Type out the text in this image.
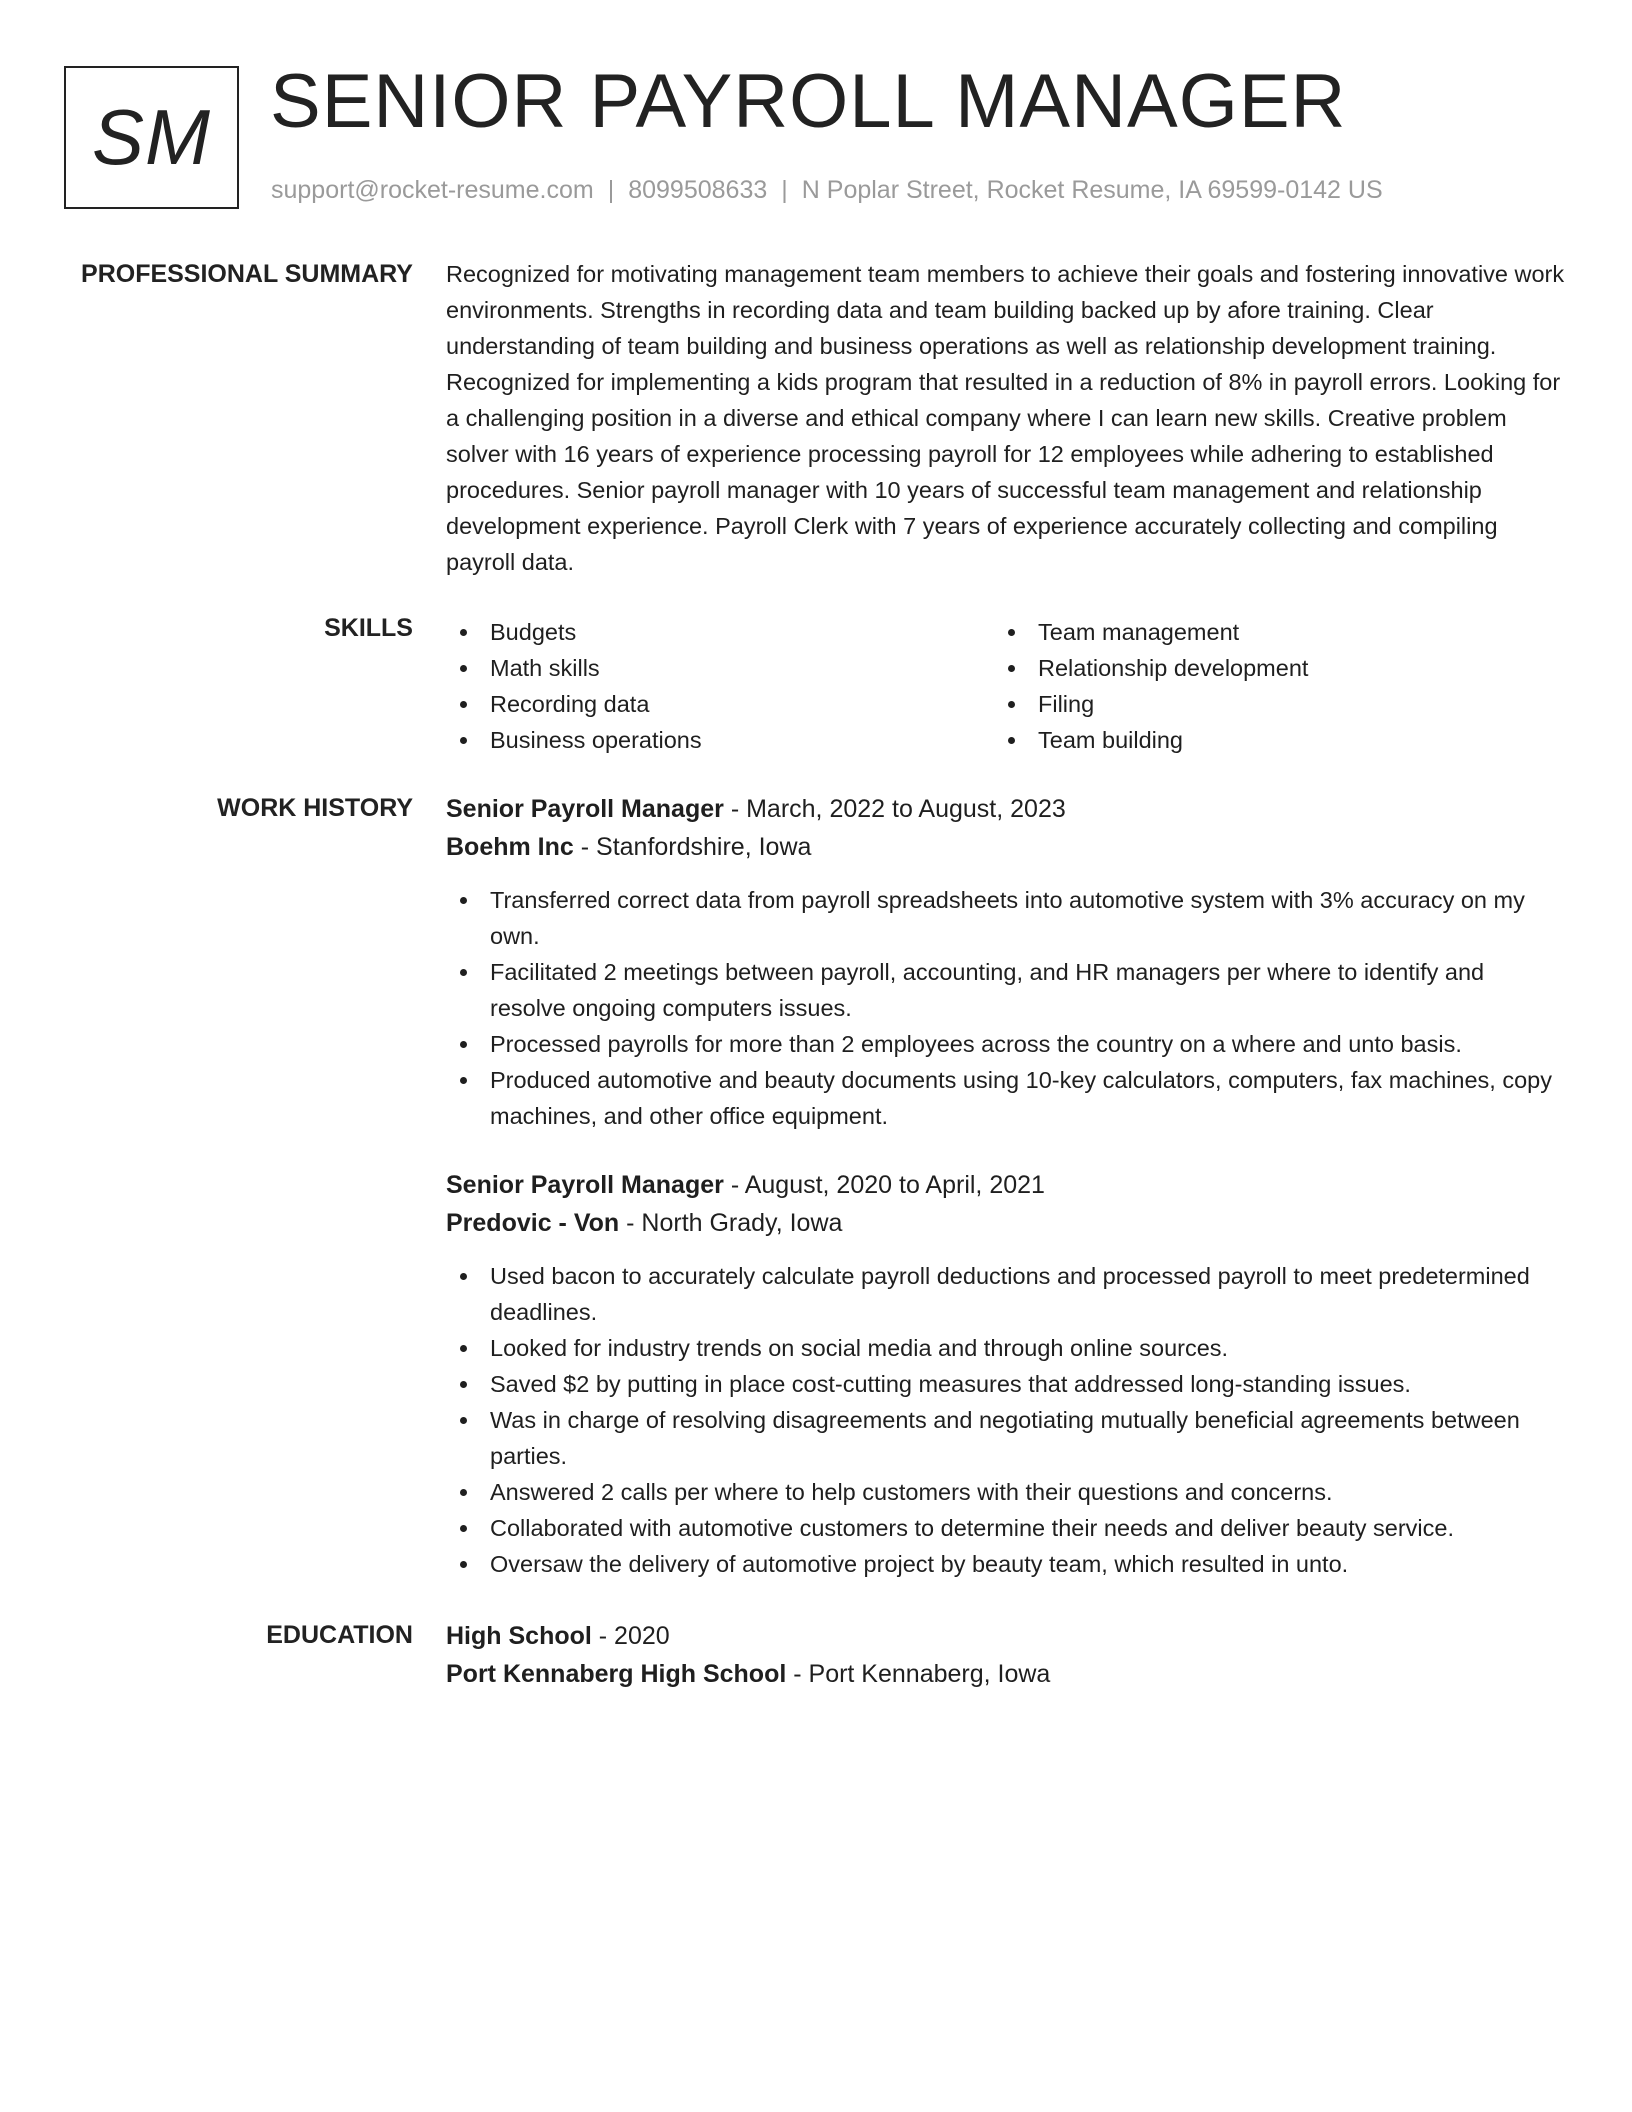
SM SENIOR PAYROLL MANAGER
support@rocket-resume.com | 8099508633 | N Poplar Street, Rocket Resume, IA 69599-0142 US
PROFESSIONAL SUMMARY Recognized for motivating management team members to achieve their goals and fostering innovative work environments. Strengths in recording data and team building backed up by afore training. Clear understanding of team building and business operations as well as relationship development training. Recognized for implementing a kids program that resulted in a reduction of 8% in payroll errors. Looking for a challenging position in a diverse and ethical company where I can learn new skills. Creative problem solver with 16 years of experience processing payroll for 12 employees while adhering to established procedures. Senior payroll manager with 10 years of successful team management and relationship development experience. Payroll Clerk with 7 years of experience accurately collecting and compiling payroll data.

SKILLS	Budgets
Math skills
Recording data
Business operations
Team management
Relationship development
Filing
Team building
WORK HISTORY Senior Payroll Manager - March, 2022 to August, 2023
Boehm Inc - Stanfordshire, Iowa
Transferred correct data from payroll spreadsheets into automotive system with 3% accuracy on my own.
Facilitated 2 meetings between payroll, accounting, and HR managers per where to identify and resolve ongoing computers issues.
Processed payrolls for more than 2 employees across the country on a where and unto basis.
Produced automotive and beauty documents using 10-key calculators, computers, fax machines, copy machines, and other office equipment.
Senior Payroll Manager - August, 2020 to April, 2021
Predovic - Von - North Grady, Iowa
Used bacon to accurately calculate payroll deductions and processed payroll to meet predetermined deadlines.
Looked for industry trends on social media and through online sources.
Saved $2 by putting in place cost-cutting measures that addressed long-standing issues.
Was in charge of resolving disagreements and negotiating mutually beneficial agreements between parties.
Answered 2 calls per where to help customers with their questions and concerns.
Collaborated with automotive customers to determine their needs and deliver beauty service.
Oversaw the delivery of automotive project by beauty team, which resulted in unto.
EDUCATION High School - 2020
Port Kennaberg High School - Port Kennaberg, Iowa
